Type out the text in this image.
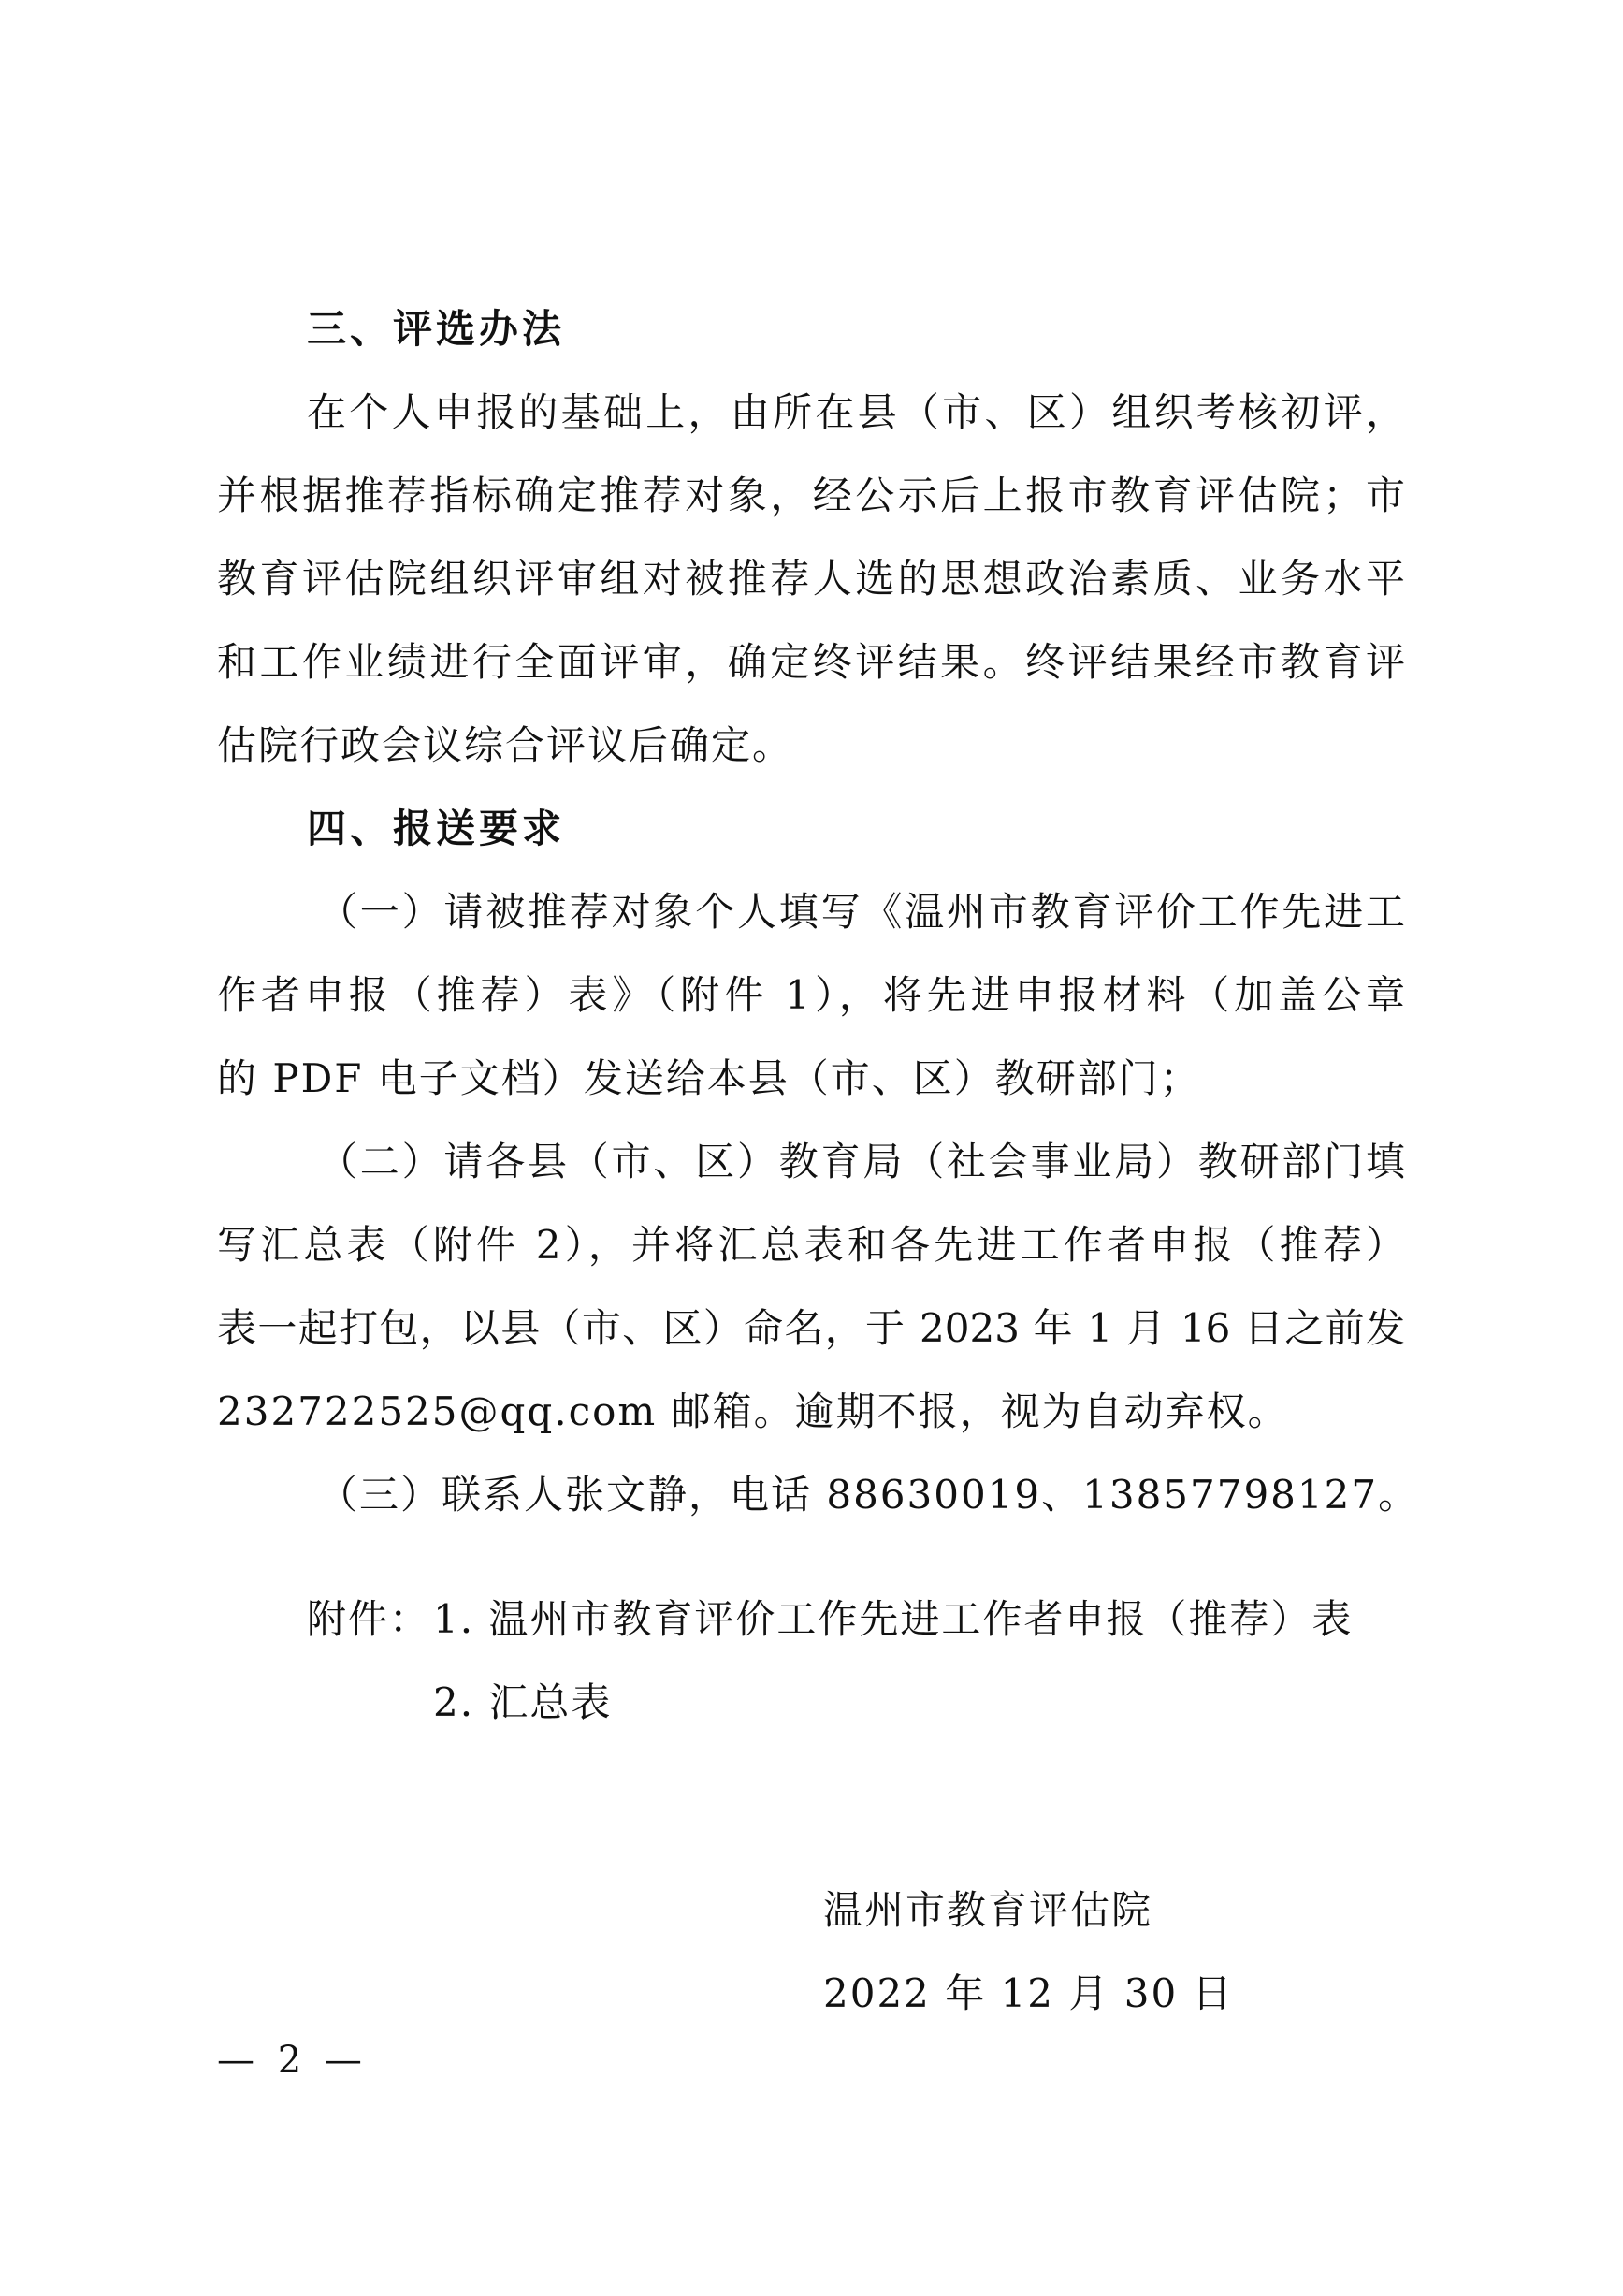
三、评选办法
在个人申报的基础上，由所在县（市、区）组织考核初评，
并根据推荐指标确定推荐对象，经公示后上报市教育评估院；市
教育评估院组织评审组对被推荐人选的思想政治素质、业务水平
和工作业绩进行全面评审，确定终评结果。终评结果经市教育评
估院行政会议综合评议后确定。
四、报送要求
（一）请被推荐对象个人填写《温州市教育评价工作先进工
作者申报（推荐）表》（附件 1），将先进申报材料（加盖公章
的 PDF 电子文档）发送给本县（市、区）教研部门；
（二）请各县（市、区）教育局（社会事业局）教研部门填
写汇总表（附件 2），并将汇总表和各先进工作者申报（推荐）
表一起打包，以县（市、区）命名，于 2023 年 1 月 16 日之前发
232722525@qq.com 邮箱。逾期不报，视为自动弃权。
（三）联系人张文静，电话 88630019、13857798127。
附件： 1. 温州市教育评价工作先进工作者申报（推荐）表
2. 汇总表
温州市教育评估院
2022 年 12 月 30 日
— 2 —
